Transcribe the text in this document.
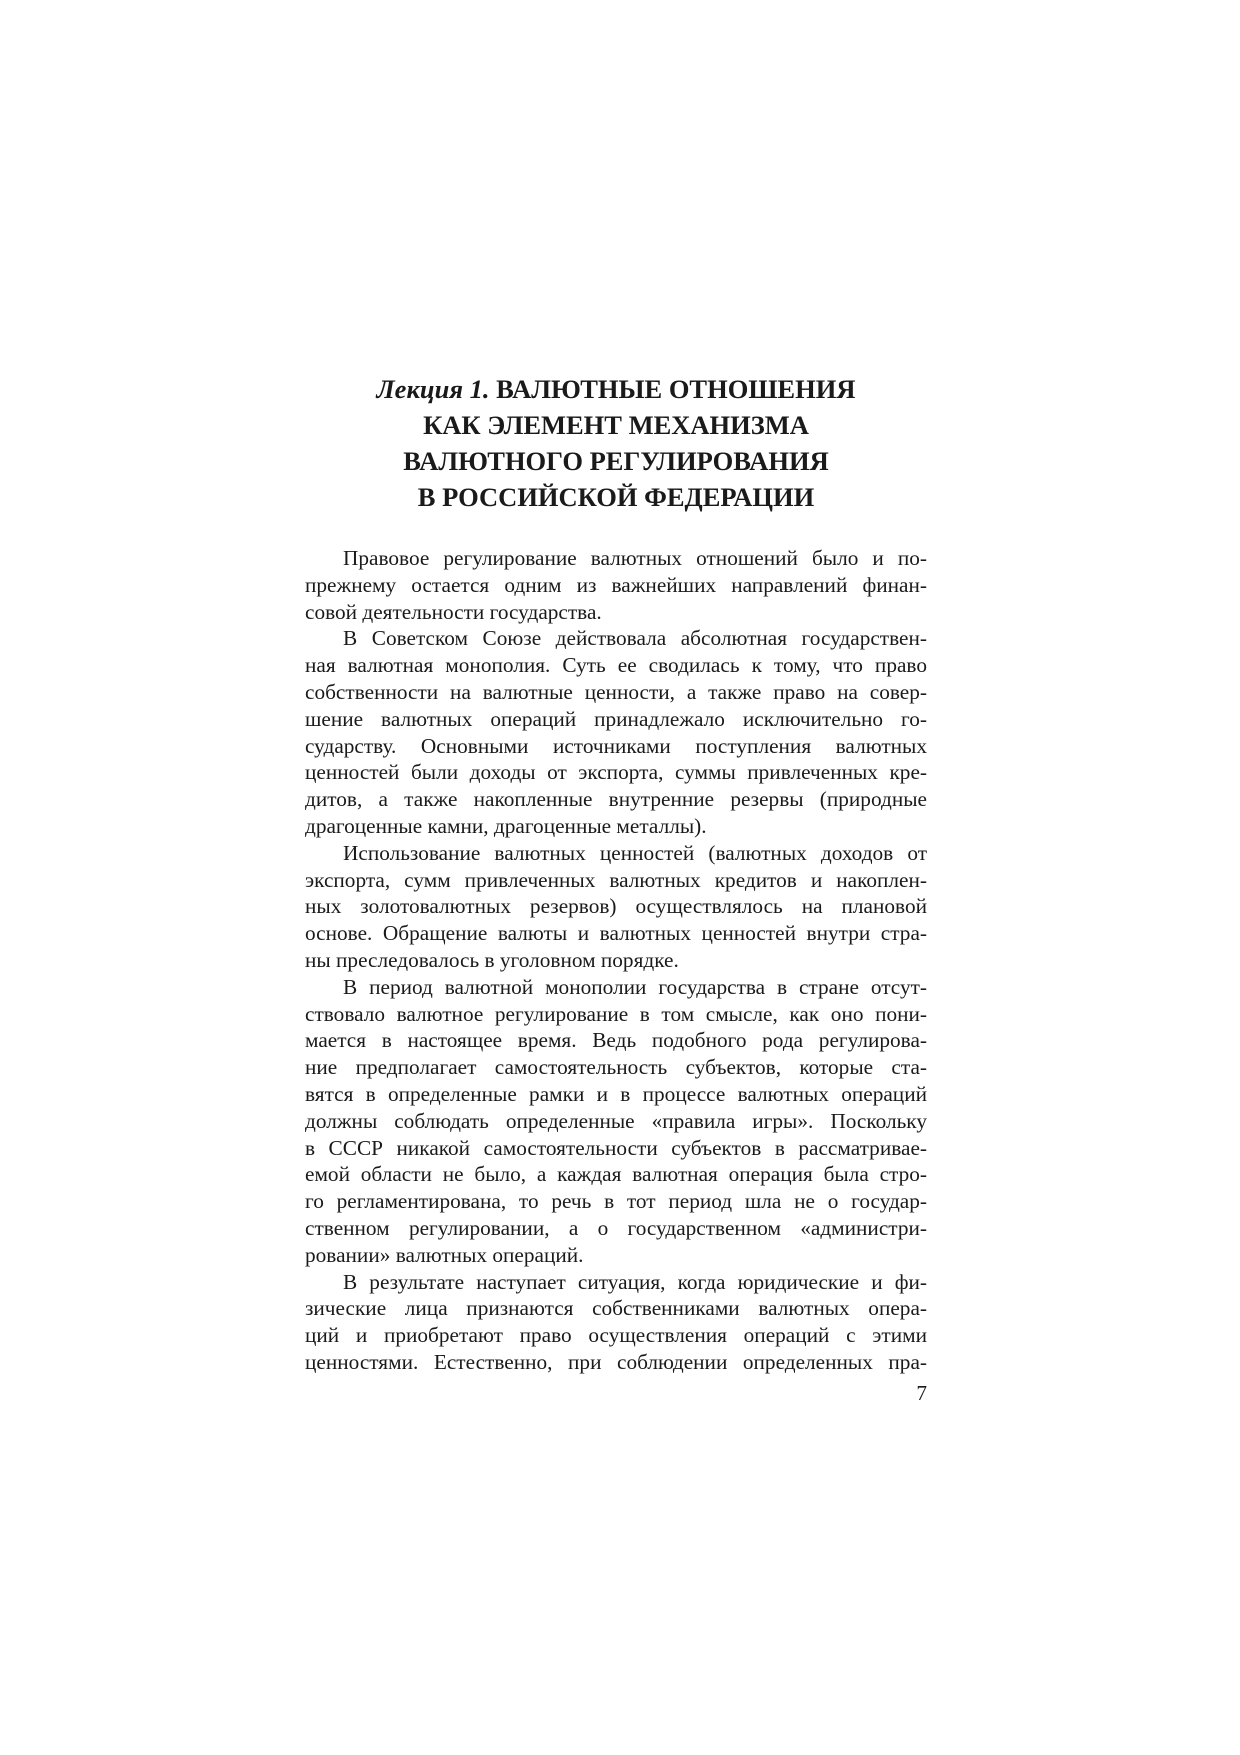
Лекция 1. ВАЛЮТНЫЕ ОТНОШЕНИЯ
КАК ЭЛЕМЕНТ МЕХАНИЗМА
ВАЛЮТНОГО РЕГУЛИРОВАНИЯ
В РОССИЙСКОЙ ФЕДЕРАЦИИ
Правовое регулирование валютных отношений было и по-
прежнему остается одним из важнейших направлений финан-
совой деятельности государства.
В Советском Союзе действовала абсолютная государствен-
ная валютная монополия. Суть ее сводилась к тому, что право
собственности на валютные ценности, а также право на совер-
шение валютных операций принадлежало исключительно го-
сударству. Основными источниками поступления валютных
ценностей были доходы от экспорта, суммы привлеченных кре-
дитов, а также накопленные внутренние резервы (природные
драгоценные камни, драгоценные металлы).
Использование валютных ценностей (валютных доходов от
экспорта, сумм привлеченных валютных кредитов и накоплен-
ных золотовалютных резервов) осуществлялось на плановой
основе. Обращение валюты и валютных ценностей внутри стра-
ны преследовалось в уголовном порядке.
В период валютной монополии государства в стране отсут-
ствовало валютное регулирование в том смысле, как оно пони-
мается в настоящее время. Ведь подобного рода регулирова-
ние предполагает самостоятельность субъектов, которые ста-
вятся в определенные рамки и в процессе валютных операций
должны соблюдать определенные «правила игры». Поскольку
в СССР никакой самостоятельности субъектов в рассматривае-
емой области не было, а каждая валютная операция была стро-
го регламентирована, то речь в тот период шла не о государ-
ственном регулировании, а о государственном «администри-
ровании» валютных операций.
В результате наступает ситуация, когда юридические и фи-
зические лица признаются собственниками валютных опера-
ций и приобретают право осуществления операций с этими
ценностями. Естественно, при соблюдении определенных пра-
7
